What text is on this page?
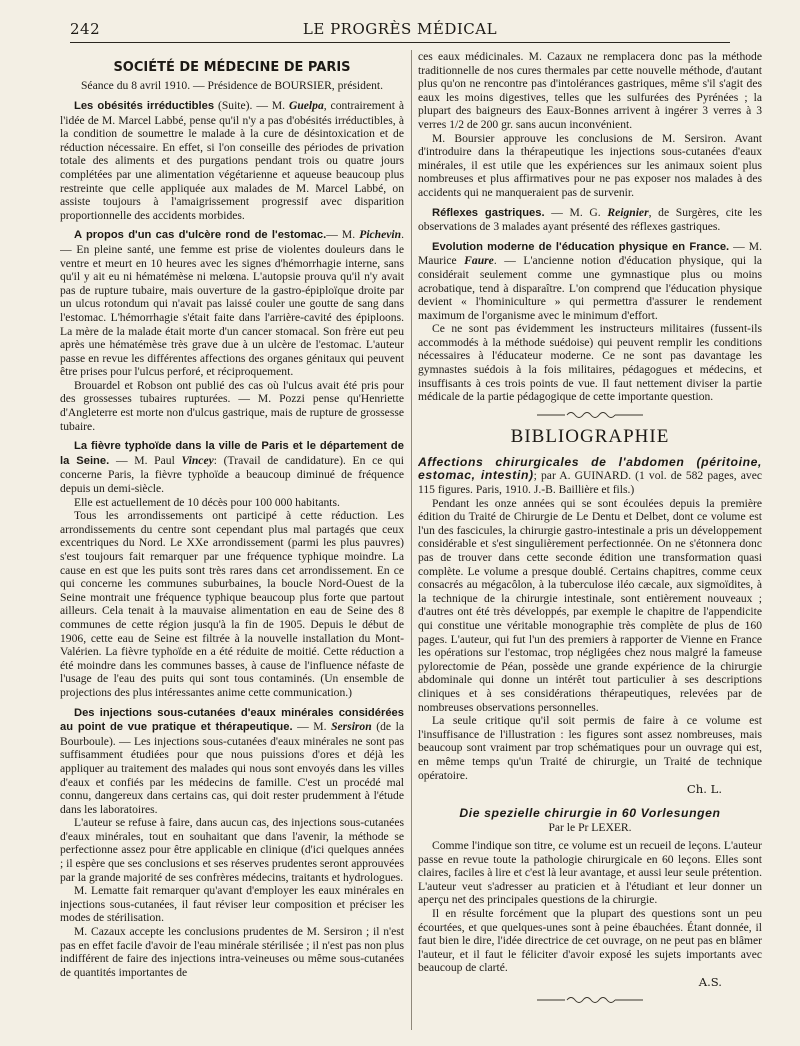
242	LE PROGRÈS MÉDICAL
SOCIÉTÉ DE MÉDECINE DE PARIS
Séance du 8 avril 1910. — Présidence de BOURSIER, président.

Les obésités irréductibles (Suite). — M. Guelpa, contrairement à l'idée de M. Marcel Labbé, pense qu'il n'y a pas d'obésités irréductibles, à la condition de soumettre le malade à la cure de désintoxication et de réduction nécessaire. En effet, si l'on conseille des périodes de privation totale des aliments et des purgations pendant trois ou quatre jours complétées par une alimentation végétarienne et aqueuse beaucoup plus restreinte que celle appliquée aux malades de M. Marcel Labbé, on assiste toujours à l'amaigrissement progressif avec disparition proportionnelle des accidents morbides.

A propos d'un cas d'ulcère rond de l'estomac.— M. Pichevin. — En pleine santé, une femme est prise de violentes douleurs dans le ventre et meurt en 10 heures avec les signes d'hémorrhagie interne, sans qu'il y ait eu ni hématémèse ni melœna. L'autopsie prouva qu'il n'y avait pas de rupture tubaire, mais ouverture de la gastro-épiploïque droite par un ulcus rotondum qui n'avait pas laissé couler une goutte de sang dans l'estomac. L'hémorrhagie s'était faite dans l'arrière-cavité des épiploons. La mère de la malade était morte d'un cancer stomacal. Son frère eut peu après une hématémèse très grave due à un ulcère de l'estomac. L'auteur passe en revue les différentes affections des organes génitaux qui peuvent être prises pour l'ulcus perforé, et réciproquement.

Brouardel et Robson ont publié des cas où l'ulcus avait été pris pour des grossesses tubaires rupturées. — M. Pozzi pense qu'Henriette d'Angleterre est morte non d'ulcus gastrique, mais de rupture de grossesse tubaire.

La fièvre typhoïde dans la ville de Paris et le département de la Seine. — M. Paul Vincey: (Travail de candidature). En ce qui concerne Paris, la fièvre typhoïde a beaucoup diminué de fréquence depuis un demi-siècle.

Elle est actuellement de 10 décès pour 100 000 habitants.

Tous les arrondissements ont participé à cette réduction. Les arrondissements du centre sont cependant plus mal partagés que ceux excentriques du Nord. Le XXe arrondissement (parmi les plus pauvres) s'est toujours fait remarquer par une fréquence typhique moindre. La cause en est que les puits sont très rares dans cet arrondissement. En ce qui concerne les communes suburbaines, la boucle Nord-Ouest de la Seine montrait une fréquence typhique beaucoup plus forte que partout ailleurs. Cela tenait à la mauvaise alimentation en eau de Seine des 8 communes de cette région jusqu'à la fin de 1905. Depuis le début de 1906, cette eau de Seine est filtrée à la nouvelle installation du Mont-Valérien. La fièvre typhoïde en a été réduite de moitié. Cette réduction a été moindre dans les communes basses, à cause de l'influence néfaste de l'usage de l'eau des puits qui sont tous contaminés. (Un ensemble de projections des plus intéressantes anime cette communication.)

Des injections sous-cutanées d'eaux minérales considérées au point de vue pratique et thérapeutique. — M. Sersiron (de la Bourboule). — Les injections sous-cutanées d'eaux minérales ne sont pas suffisamment étudiées pour que nous puissions d'ores et déjà les appliquer au traitement des malades qui nous sont envoyés dans les villes d'eaux et confiés par les médecins de famille. C'est un procédé mal connu, dangereux dans certains cas, qui doit rester prudemment à l'étude dans les laboratoires.

L'auteur se refuse à faire, dans aucun cas, des injections sous-cutanées d'eaux minérales, tout en souhaitant que dans l'avenir, la méthode se perfectionne assez pour être applicable en clinique (d'ici quelques années ; il espère que ses conclusions et ses réserves prudentes seront approuvées par la grande majorité de ses confrères médecins, traitants et hydrologues.

M. Lematte fait remarquer qu'avant d'employer les eaux minérales en injections sous-cutanées, il faut réviser leur composition et préciser les modes de stérilisation.

M. Cazaux accepte les conclusions prudentes de M. Sersiron ; il n'est pas en effet facile d'avoir de l'eau minérale stérilisée ; il n'est pas non plus indifférent de faire des injections intra-veineuses ou même sous-cutanées de quantités importantes de

ces eaux médicinales. M. Cazaux ne remplacera donc pas la méthode traditionnelle de nos cures thermales par cette nouvelle méthode, d'autant plus qu'on ne rencontre pas d'intolérances gastriques, même s'il s'agit des eaux les moins digestives, telles que les sulfurées des Pyrénées ; la plupart des baigneurs des Eaux-Bonnes arrivent à ingérer 3 verres à 3 verres 1/2 de 200 gr. sans aucun inconvénient.

M. Boursier approuve les conclusions de M. Sersiron. Avant d'introduire dans la thérapeutique les injections sous-cutanées d'eaux minérales, il est utile que les expériences sur les animaux soient plus nombreuses et plus affirmatives pour ne pas exposer nos malades à des accidents qui ne manqueraient pas de survenir.

Réflexes gastriques. — M. G. Reignier, de Surgères, cite les observations de 3 malades ayant présenté des réflexes gastriques.

Evolution moderne de l'éducation physique en France. — M. Maurice Faure. — L'ancienne notion d'éducation physique, qui la considérait seulement comme une gymnastique plus ou moins acrobatique, tend à disparaître. L'on comprend que l'éducation physique devient « l'hominiculture » qui permettra d'assurer le rendement maximum de l'organisme avec le minimum d'effort.

Ce ne sont pas évidemment les instructeurs militaires (fussent-ils accommodés à la méthode suédoise) qui peuvent remplir les conditions nécessaires à l'éducateur moderne. Ce ne sont pas davantage les gymnastes suédois à la fois militaires, pédagogues et médecins, et insuffisants à ces trois points de vue. Il faut nettement diviser la partie médicale de la partie pédagogique de cette importante question.

BIBLIOGRAPHIE

Affections chirurgicales de l'abdomen (péritoine, estomac, intestin); par A. GUINARD. (1 vol. de 582 pages, avec 115 figures. Paris, 1910. J.-B. Baillière et fils.)

Pendant les onze années qui se sont écoulées depuis la première édition du Traité de Chirurgie de Le Dentu et Delbet, dont ce volume est l'un des fascicules, la chirurgie gastro-intestinale a pris un développement considérable et s'est singulièrement perfectionnée. On ne s'étonnera donc pas de trouver dans cette seconde édition une transformation quasi complète. Le volume a presque doublé. Certains chapitres, comme ceux consacrés au mégacôlon, à la tuberculose iléo cæcale, aux sigmoïdites, à la technique de la chirurgie intestinale, sont entièrement nouveaux ; d'autres ont été très développés, par exemple le chapitre de l'appendicite qui constitue une véritable monographie très complète de plus de 160 pages. L'auteur, qui fut l'un des premiers à rapporter de Vienne en France les opérations sur l'estomac, trop négligées chez nous malgré la fameuse pylorectomie de Péan, possède une grande expérience de la chirurgie abdominale qui donne un intérêt tout particulier à ses descriptions cliniques et à ses considérations thérapeutiques, relevées par de nombreuses observations personnelles.

La seule critique qu'il soit permis de faire à ce volume est l'insuffisance de l'illustration : les figures sont assez nombreuses, mais beaucoup sont vraiment par trop schématiques pour un ouvrage qui est, en même temps qu'un Traité de chirurgie, un Traité de technique opératoire.

Ch. L.
Die spezielle chirurgie in 60 Vorlesungen
Par le Pr LEXER.

Comme l'indique son titre, ce volume est un recueil de leçons. L'auteur passe en revue toute la pathologie chirurgicale en 60 leçons. Elles sont claires, faciles à lire et c'est là leur avantage, et aussi leur seule prétention. L'auteur veut s'adresser au praticien et à l'étudiant et leur donner un aperçu net des principales questions de la chirurgie.

Il en résulte forcément que la plupart des questions sont un peu écourtées, et que quelques-unes sont à peine ébauchées. Étant donnée, il faut bien le dire, l'idée directrice de cet ouvrage, on ne peut pas en blâmer l'auteur, et il faut le féliciter d'avoir exposé les sujets importants avec beaucoup de clarté.

A.S.
